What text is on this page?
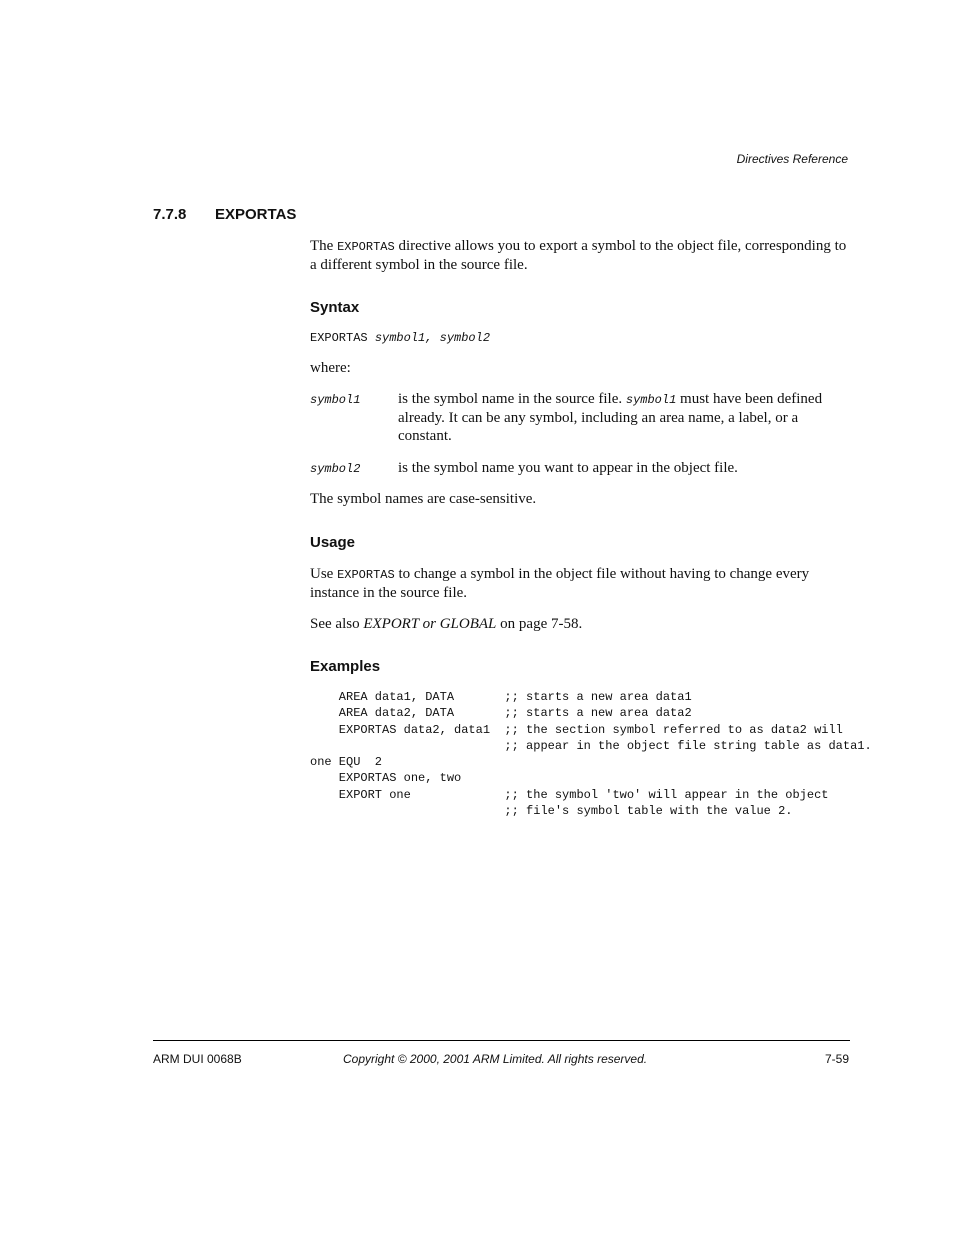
Directives Reference
7.7.8 EXPORTAS

The EXPORTAS directive allows you to export a symbol to the object file, corresponding to a different symbol in the source file.

Syntax
EXPORTAS symbol1, symbol2

where:

symbol1	is the symbol name in the source file. symbol1 must have been defined already. It can be any symbol, including an area name, a label, or a constant.

symbol2	is the symbol name you want to appear in the object file.

The symbol names are case-sensitive.

Usage

Use EXPORTAS to change a symbol in the object file without having to change every instance in the source file.

See also EXPORT or GLOBAL on page 7-58.

Examples
AREA data1, DATA       ;; starts a new area data1
AREA data2, DATA       ;; starts a new area data2
EXPORTAS data2, data1  ;; the section symbol referred to as data2 will
;; appear in the object file string table as data1.
one EQU  2
EXPORTAS one, two
EXPORT one             ;; the symbol 'two' will appear in the object
;; file's symbol table with the value 2.
ARM DUI 0068B	Copyright © 2000, 2001 ARM Limited. All rights reserved.	7-59
